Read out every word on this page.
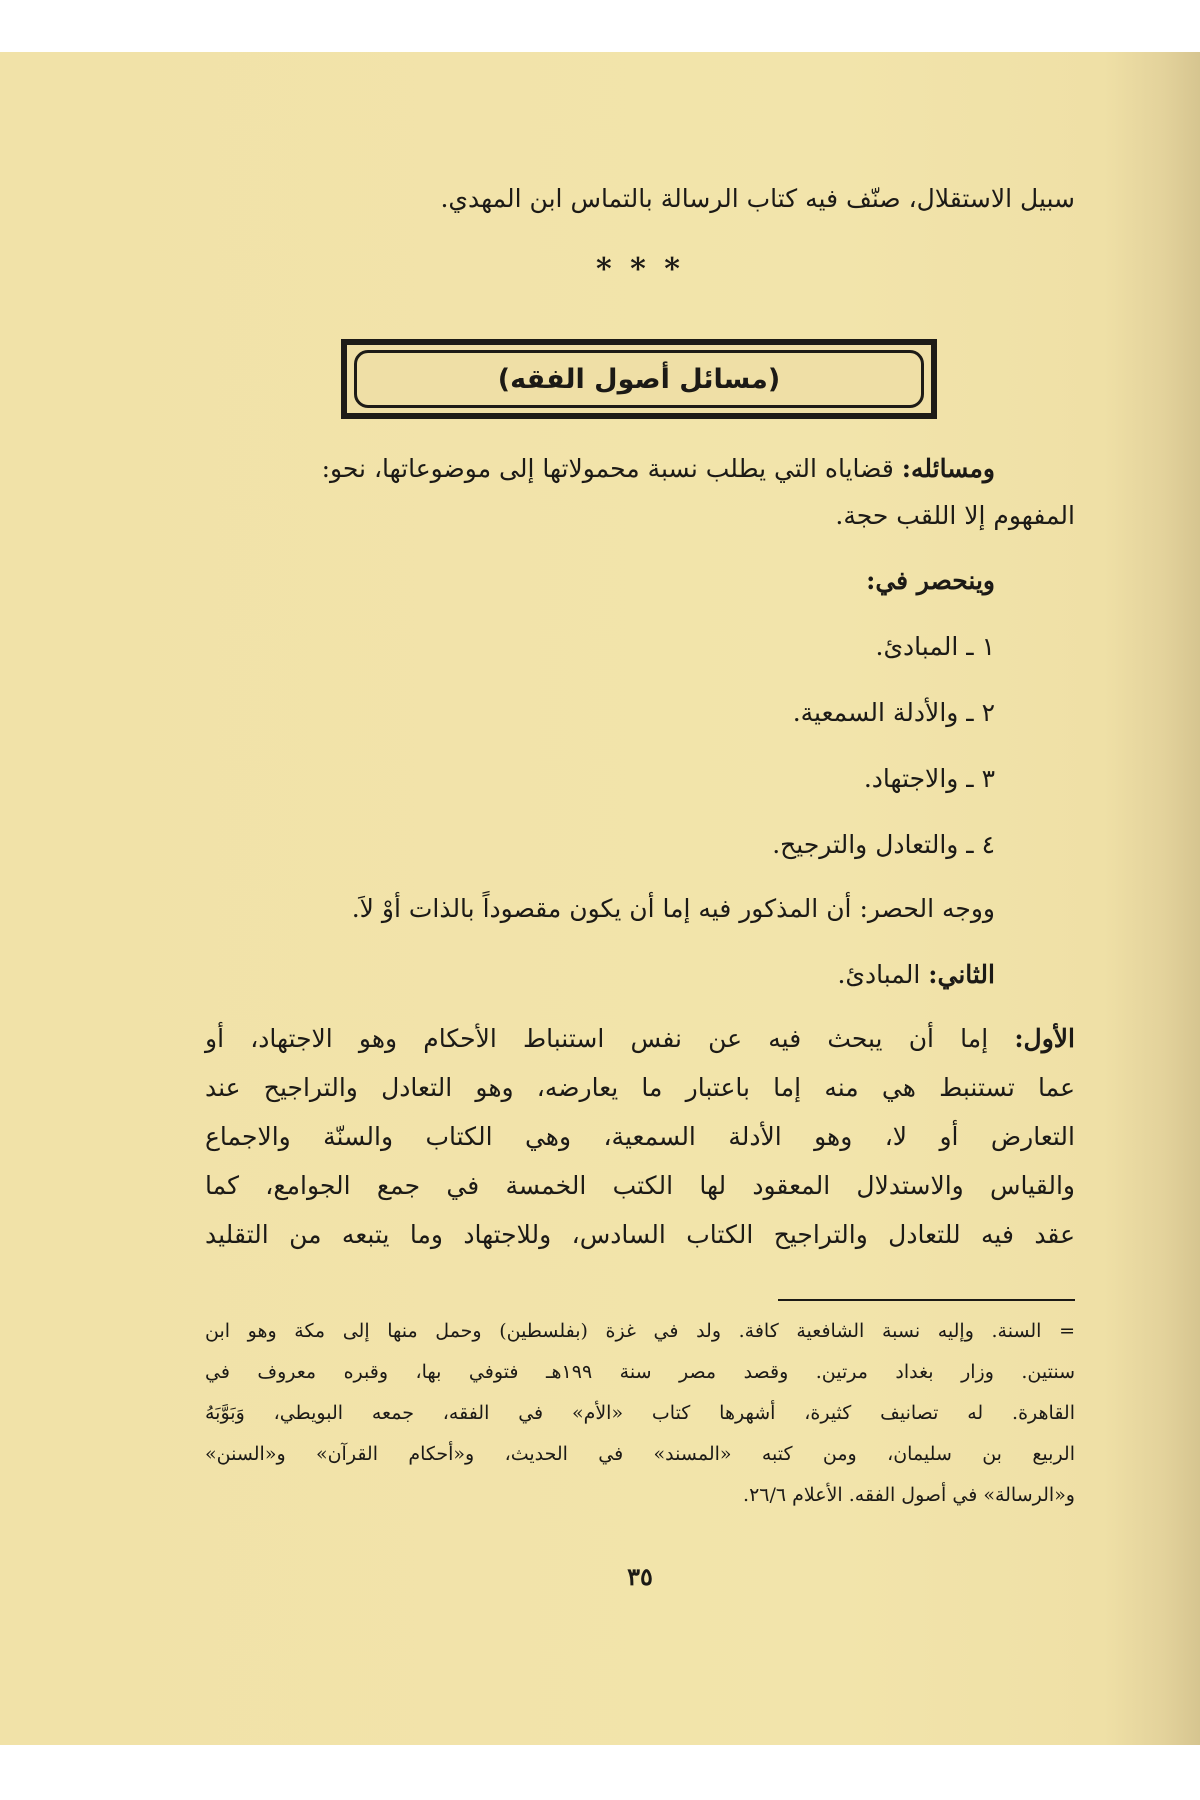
سبيل الاستقلال، صنّف فيه كتاب الرسالة بالتماس ابن المهدي.
* * *
(مسائل أصول الفقه)
ومسائله: قضاياه التي يطلب نسبة محمولاتها إلى موضوعاتها، نحو:
المفهوم إلا اللقب حجة.
وينحصر في:
١ ـ المبادئ.
٢ ـ والأدلة السمعية.
٣ ـ والاجتهاد.
٤ ـ والتعادل والترجيح.
ووجه الحصر: أن المذكور فيه إما أن يكون مقصوداً بالذات أوْ لاَ.
الثاني: المبادئ.
الأول: إما أن يبحث فيه عن نفس استنباط الأحكام وهو الاجتهاد، أو
عما تستنبط هي منه إما باعتبار ما يعارضه، وهو التعادل والتراجيح عند
التعارض أو لا، وهو الأدلة السمعية، وهي الكتاب والسنّة والاجماع
والقياس والاستدلال المعقود لها الكتب الخمسة في جمع الجوامع، كما
عقد فيه للتعادل والتراجيح الكتاب السادس، وللاجتهاد وما يتبعه من التقليد
= السنة. وإليه نسبة الشافعية كافة. ولد في غزة (بفلسطين) وحمل منها إلى مكة وهو ابن
سنتين. وزار بغداد مرتين. وقصد مصر سنة ١٩٩هـ فتوفي بها، وقبره معروف في
القاهرة. له تصانيف كثيرة، أشهرها كتاب «الأم» في الفقه، جمعه البويطي، وَبَوَّبَهُ
الربيع بن سليمان، ومن كتبه «المسند» في الحديث، و«أحكام القرآن» و«السنن»
و«الرسالة» في أصول الفقه. الأعلام ٢٦/٦.
٣٥
